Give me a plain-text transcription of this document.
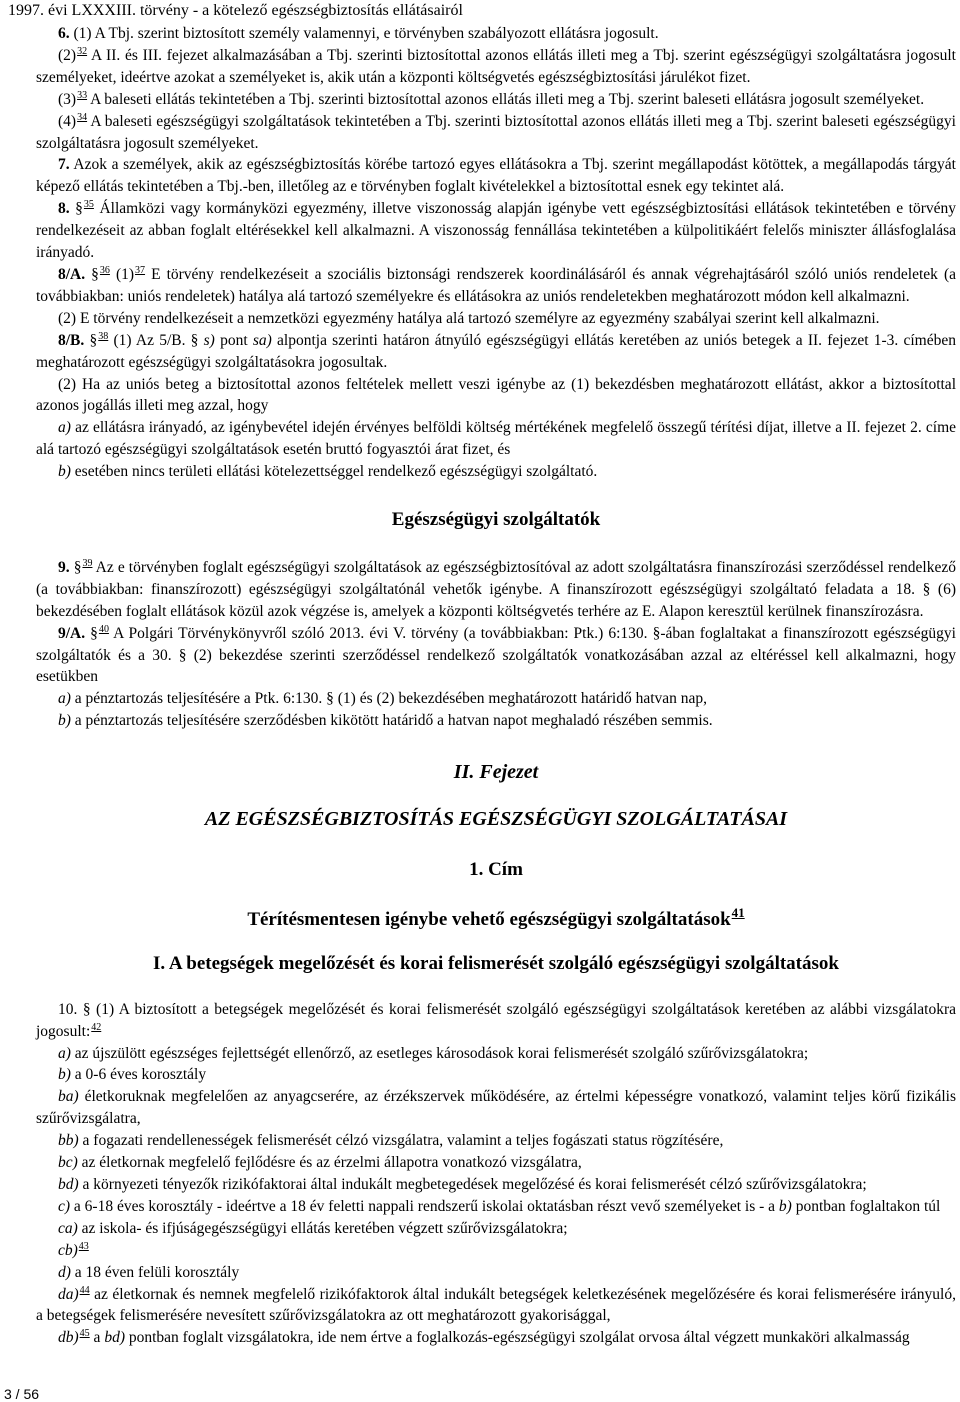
1997. évi LXXXIII. törvény - a kötelező egészségbiztosítás ellátásairól

6. (1) A Tbj. szerint biztosított személy valamennyi, e törvényben szabályozott ellátásra jogosult.

(2)$^{32}$ A II. és III. fejezet alkalmazásában a Tbj. szerinti biztosítottal azonos ellátás illeti meg a Tbj. szerint egészségügyi szolgáltatásra jogosult személyeket, ideértve azokat a személyeket is, akik után a központi költségvetés egészségbiztosítási járulékot fizet.

(3)$^{33}$ A baleseti ellátás tekintetében a Tbj. szerinti biztosítottal azonos ellátás illeti meg a Tbj. szerint baleseti ellátásra jogosult személyeket.

(4)$^{34}$ A baleseti egészségügyi szolgáltatások tekintetében a Tbj. szerinti biztosítottal azonos ellátás illeti meg a Tbj. szerint baleseti egészségügyi szolgáltatásra jogosult személyeket.

7. Azok a személyek, akik az egészségbiztosítás körébe tartozó egyes ellátásokra a Tbj. szerint megállapodást kötöttek, a megállapodás tárgyát képező ellátás tekintetében a Tbj.-ben, illetőleg az e törvényben foglalt kivételekkel a biztosítottal esnek egy tekintet alá.

8. §$^{35}$ Államközi vagy kormányközi egyezmény, illetve viszonosság alapján igénybe vett egészségbiztosítási ellátások tekintetében e törvény rendelkezéseit az abban foglalt eltérésekkel kell alkalmazni. A viszonosság fennállása tekintetében a külpolitikáért felelős miniszter állásfoglalása irányadó.

8/A. §$^{36}$ (1)$^{37}$ E törvény rendelkezéseit a szociális biztonsági rendszerek koordinálásáról és annak végrehajtásáról szóló uniós rendeletek (a továbbiakban: uniós rendeletek) hatálya alá tartozó személyekre és ellátásokra az uniós rendeletekben meghatározott módon kell alkalmazni.

(2) E törvény rendelkezéseit a nemzetközi egyezmény hatálya alá tartozó személyre az egyezmény szabályai szerint kell alkalmazni.

8/B. §$^{38}$ (1) Az 5/B. § s) pont sa) alpontja szerinti határon átnyúló egészségügyi ellátás keretében az uniós betegek a II. fejezet 1-3. címében meghatározott egészségügyi szolgáltatásokra jogosultak.

(2) Ha az uniós beteg a biztosítottal azonos feltételek mellett veszi igénybe az (1) bekezdésben meghatározott ellátást, akkor a biztosítottal azonos jogállás illeti meg azzal, hogy

a) az ellátásra irányadó, az igénybevétel idején érvényes belföldi költség mértékének megfelelő összegű térítési díjat, illetve a II. fejezet 2. címe alá tartozó egészségügyi szolgáltatások esetén bruttó fogyasztói árat fizet, és

b) esetében nincs területi ellátási kötelezettséggel rendelkező egészségügyi szolgáltató.

Egészségügyi szolgáltatók

9. §$^{39}$ Az e törvényben foglalt egészségügyi szolgáltatások az egészségbiztosítóval az adott szolgáltatásra finanszírozási szerződéssel rendelkező (a továbbiakban: finanszírozott) egészségügyi szolgáltatónál vehetők igénybe. A finanszírozott egészségügyi szolgáltató feladata a 18. § (6) bekezdésében foglalt ellátások közül azok végzése is, amelyek a központi költségvetés terhére az E. Alapon keresztül kerülnek finanszírozásra.

9/A. §$^{40}$ A Polgári Törvénykönyvről szóló 2013. évi V. törvény (a továbbiakban: Ptk.) 6:130. §-ában foglaltakat a finanszírozott egészségügyi szolgáltatók és a 30. § (2) bekezdése szerinti szerződéssel rendelkező szolgáltatók vonatkozásában azzal az eltéréssel kell alkalmazni, hogy esetükben

a) a pénztartozás teljesítésére a Ptk. 6:130. § (1) és (2) bekezdésében meghatározott határidő hatvan nap,

b) a pénztartozás teljesítésére szerződésben kikötött határidő a hatvan napot meghaladó részében semmis.

II. Fejezet

AZ EGÉSZSÉGBIZTOSÍTÁS EGÉSZSÉGÜGYI SZOLGÁLTATÁSAI

1. Cím

Térítésmentesen igénybe vehető egészségügyi szolgáltatások$^{41}$

I. A betegségek megelőzését és korai felismerését szolgáló egészségügyi szolgáltatások

10. § (1) A biztosított a betegségek megelőzését és korai felismerését szolgáló egészségügyi szolgáltatások keretében az alábbi vizsgálatokra jogosult:$^{42}$

a) az újszülött egészséges fejlettségét ellenőrző, az esetleges károsodások korai felismerését szolgáló szűrővizsgálatokra;

b) a 0-6 éves korosztály

ba) életkoruknak megfelelően az anyagcserére, az érzékszervek működésére, az értelmi képességre vonatkozó, valamint teljes körű fizikális szűrővizsgálatra,

bb) a fogazati rendellenességek felismerését célzó vizsgálatra, valamint a teljes fogászati status rögzítésére,

bc) az életkornak megfelelő fejlődésre és az érzelmi állapotra vonatkozó vizsgálatra,

bd) a környezeti tényezők rizikófaktorai által indukált megbetegedések megelőzésé és korai felismerését célzó szűrővizsgálatokra;

c) a 6-18 éves korosztály - ideértve a 18 év feletti nappali rendszerű iskolai oktatásban részt vevő személyeket is - a b) pontban foglaltakon túl

ca) az iskola- és ifjúságegészségügyi ellátás keretében végzett szűrővizsgálatokra;

cb)$^{43}$

d) a 18 éven felüli korosztály

da)$^{44}$ az életkornak és nemnek megfelelő rizikófaktorok által indukált betegségek keletkezésének megelőzésére és korai felismerésére irányuló, a betegségek felismerésére nevesített szűrővizsgálatokra az ott meghatározott gyakorisággal,

db)$^{45}$ a bd) pontban foglalt vizsgálatokra, ide nem értve a foglalkozás-egészségügyi szolgálat orvosa által végzett munkaköri alkalmasság

3 / 56
